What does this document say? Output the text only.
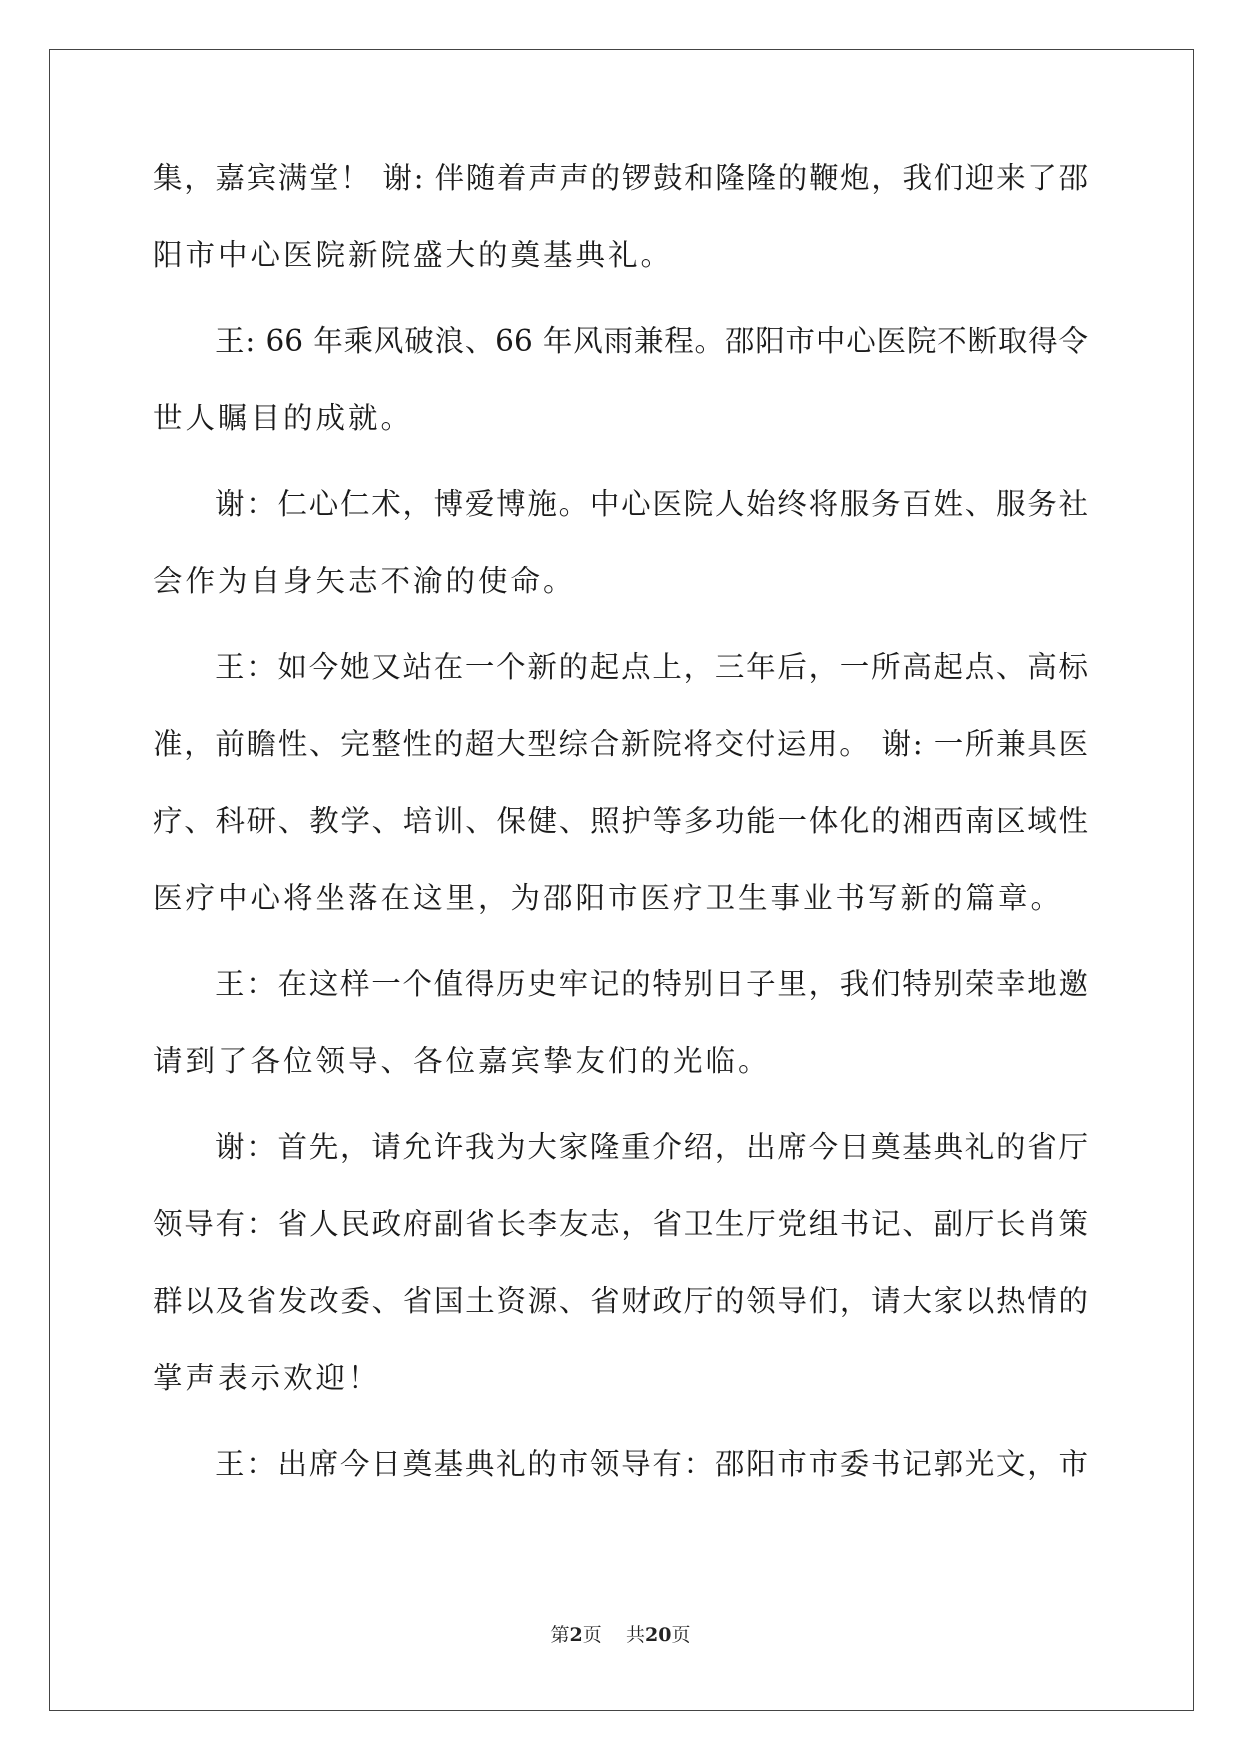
集，嘉宾满堂！ 谢: 伴随着声声的锣鼓和隆隆的鞭炮，我们迎来了邵
阳市中心医院新院盛大的奠基典礼。
王: 66 年乘风破浪、66 年风雨兼程。邵阳市中心医院不断取得令
世人瞩目的成就。
谢：仁心仁术，博爱博施。中心医院人始终将服务百姓、服务社
会作为自身矢志不渝的使命。
王：如今她又站在一个新的起点上，三年后，一所高起点、高标
准，前瞻性、完整性的超大型综合新院将交付运用。 谢: 一所兼具医
疗、科研、教学、培训、保健、照护等多功能一体化的湘西南区域性
医疗中心将坐落在这里，为邵阳市医疗卫生事业书写新的篇章。
王：在这样一个值得历史牢记的特别日子里，我们特别荣幸地邀
请到了各位领导、各位嘉宾挚友们的光临。
谢：首先，请允许我为大家隆重介绍，出席今日奠基典礼的省厅
领导有：省人民政府副省长李友志，省卫生厅党组书记、副厅长肖策
群以及省发改委、省国土资源、省财政厅的领导们，请大家以热情的
掌声表示欢迎！
王：出席今日奠基典礼的市领导有：邵阳市市委书记郭光文，市
第2页 共20页
